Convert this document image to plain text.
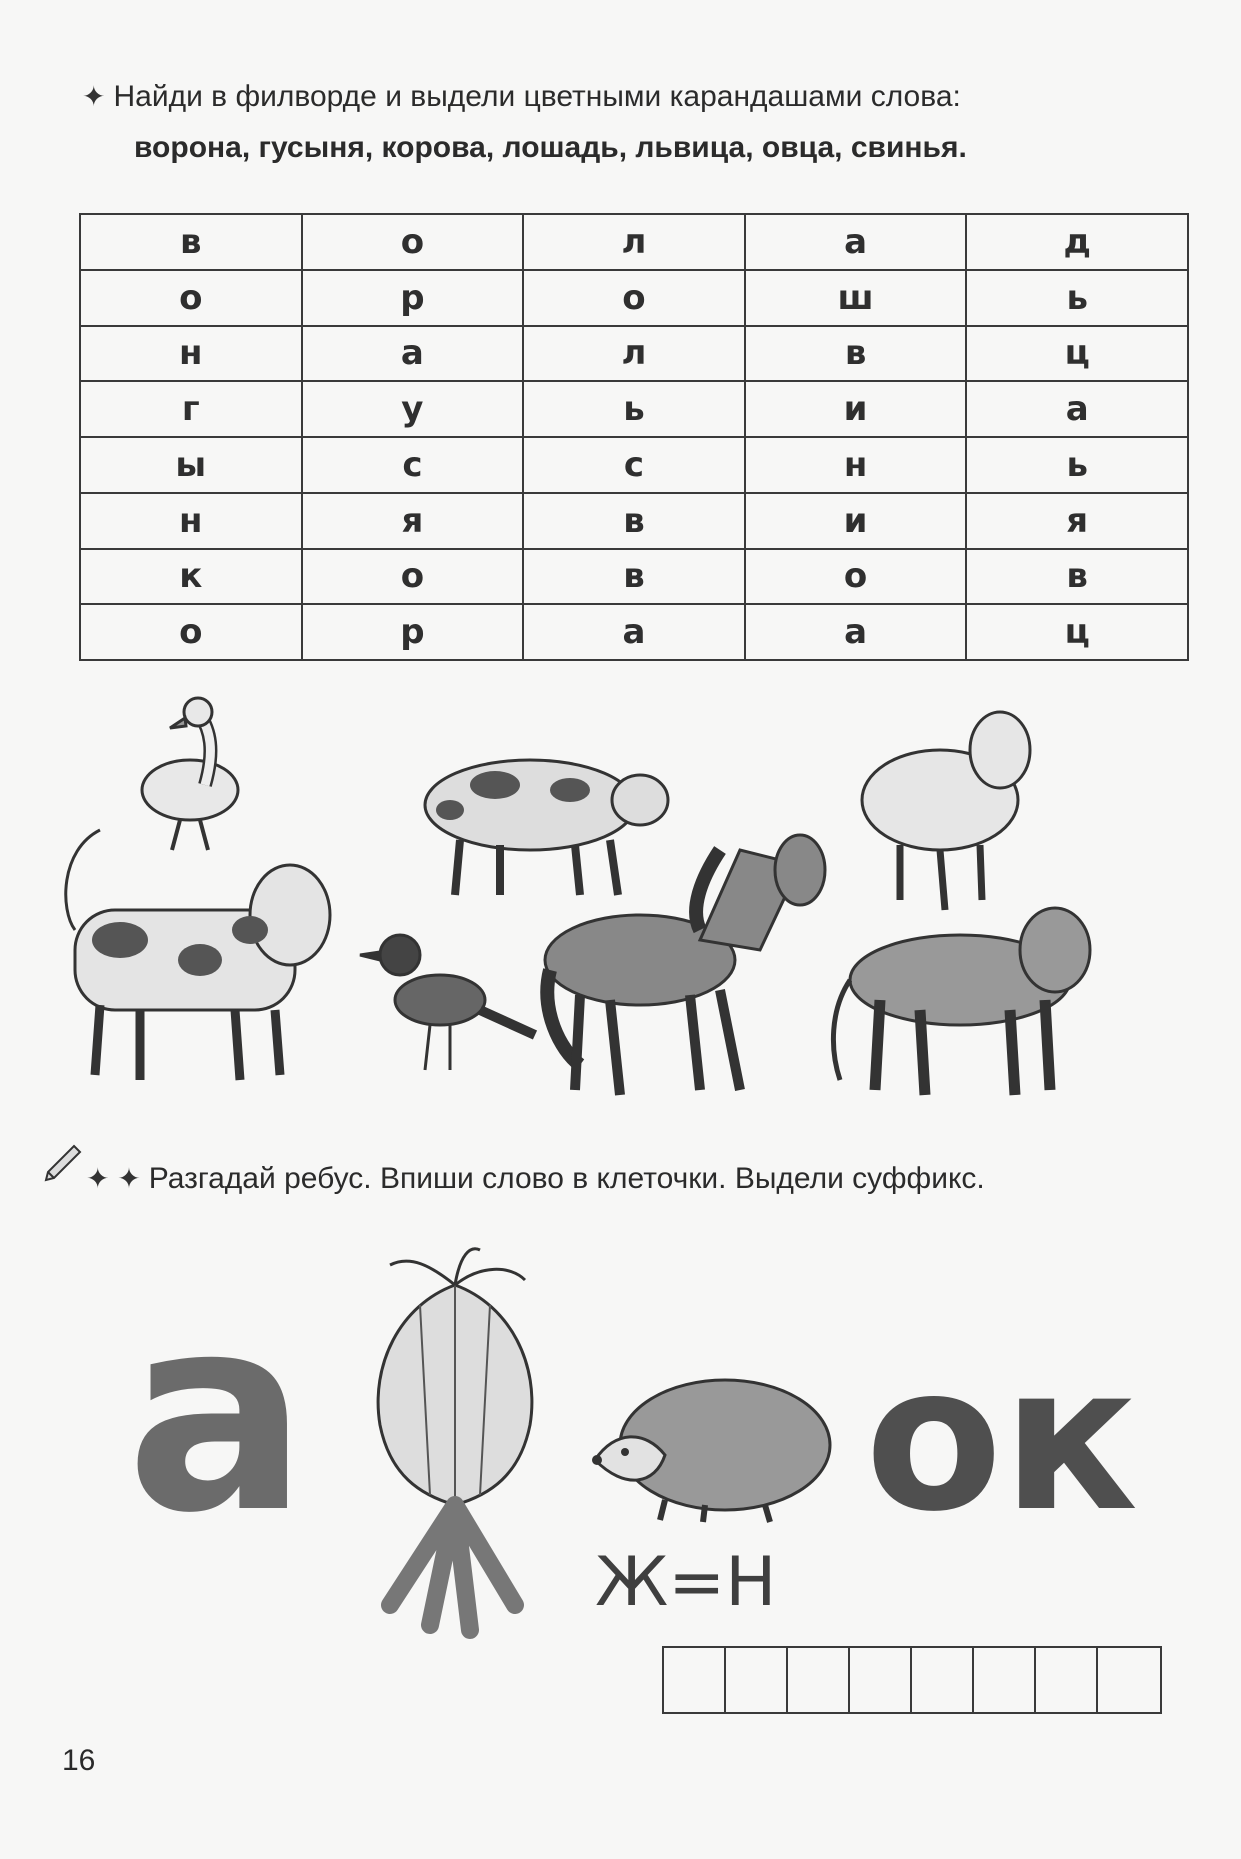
✦ Найди в филворде и выдели цветными карандашами слова:
ворона, гусыня, корова, лошадь, львица, овца, свинья.
в	о	л	а	д
о	р	о	ш	ь
н	а	л	в	ц
г	у	ь	и	а
ы	с	с	н	ь
н	я	в	и	я
к	о	в	о	в
о	р	а	а	ц
✦ ✦ Разгадай ребус. Впиши слово в клеточки. Выдели суффикс.
а	ок
Ж=Н
16
